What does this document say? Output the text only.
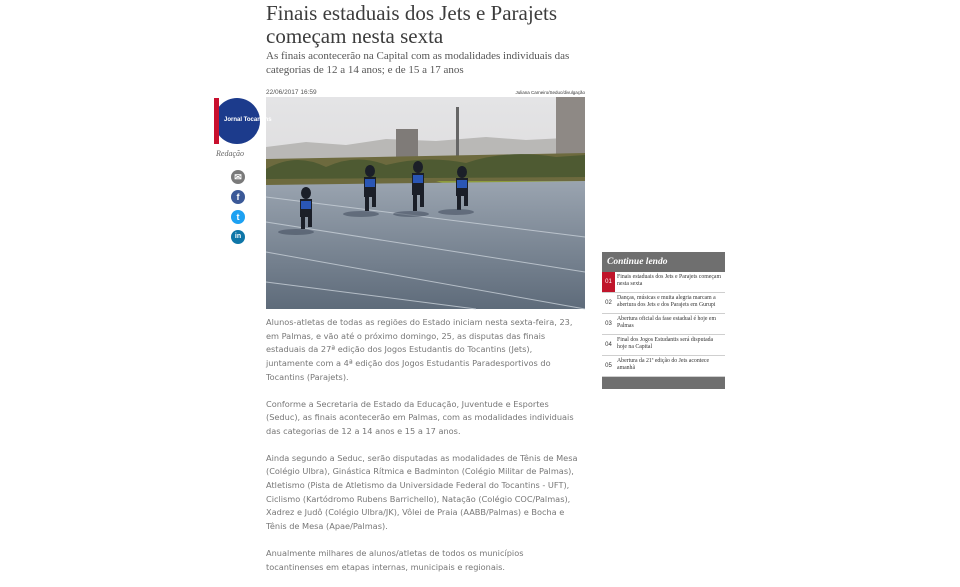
Finais estaduais dos Jets e Parajets começam nesta sexta
As finais acontecerão na Capital com as modalidades individuais das categorias de 12 a 14 anos; e de 15 a 17 anos
22/06/2017 16:59	Juliana Carneiro/Seduc/divulgação
Jornal Tocantins
Redação
✉
f
t
in

Alunos-atletas de todas as regiões do Estado iniciam nesta sexta-feira, 23, em Palmas, e vão até o próximo domingo, 25, as disputas das finais estaduais da 27ª edição dos Jogos Estudantis do Tocantins (Jets), juntamente com a 4ª edição dos Jogos Estudantis Paradesportivos do Tocantins (Parajets).

Conforme a Secretaria de Estado da Educação, Juventude e Esportes (Seduc), as finais acontecerão em Palmas, com as modalidades individuais das categorias de 12 a 14 anos e 15 a 17 anos.

Ainda segundo a Seduc, serão disputadas as modalidades de Tênis de Mesa (Colégio Ulbra), Ginástica Rítmica e Badminton (Colégio Militar de Palmas), Atletismo (Pista de Atletismo da Universidade Federal do Tocantins - UFT), Ciclismo (Kartódromo Rubens Barrichello), Natação (Colégio COC/Palmas), Xadrez e Judô (Colégio Ulbra/JK), Vôlei de Praia (AABB/Palmas) e Bocha e Tênis de Mesa (Apae/Palmas).

Anualmente milhares de alunos/atletas de todos os municípios tocantinenses em etapas internas, municipais e regionais.

Continue lendo
01
Finais estaduais dos Jets e Parajets começam nesta sexta
02
Danças, músicas e muita alegria marcam a abertura dos Jets e dos Parajets em Gurupi
03
Abertura oficial da fase estadual é hoje em Palmas
04
Final dos Jogos Estudantis será disputada hoje na Capital
05
Abertura da 21ª edição do Jets acontece amanhã
